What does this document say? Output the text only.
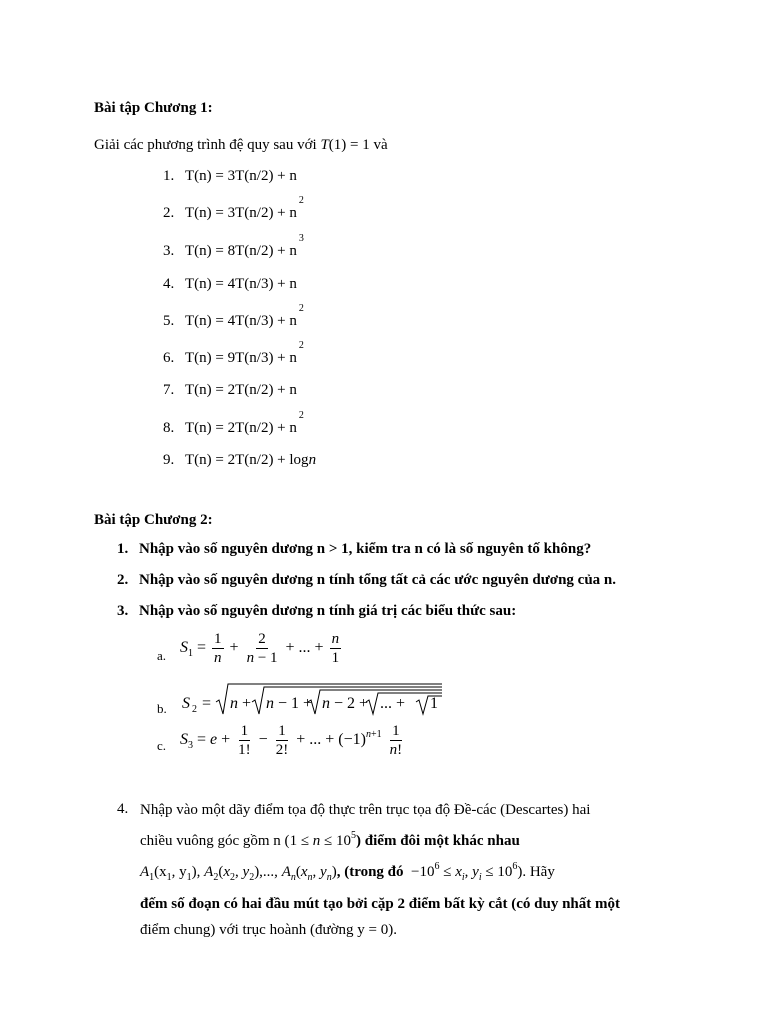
Bài tập Chương 1:
Giải các phương trình đệ quy sau với T(1) = 1 và
1. T(n) = 3T(n/2) + n
2. $T(n) = 3T(n/2) + n^2$
3. $T(n) = 8T(n/2) + n^3$
4. T(n) = 4T(n/3) + n
5. $T(n) = 4T(n/3) + n^2$
6. $T(n) = 9T(n/3) + n^2$
7. T(n) = 2T(n/2) + n
8. $T(n) = 2T(n/2) + n^2$
9. T(n) = 2T(n/2) + logn
Bài tập Chương 2:
1. Nhập vào số nguyên dương n > 1, kiểm tra n có là số nguyên tố không?
2. Nhập vào số nguyên dương n tính tổng tất cả các ước nguyên dương của n.
3. Nhập vào số nguyên dương n tính giá trị các biểu thức sau:
a. $S_1 = \frac{1}{n} + \frac{2}{n - 1}$ + ... + $\frac{n}{1}$
b. S 2 = n + n − 1 + n − 2 + ... + 1
c. $S_3 = e + \frac{1}{1!} - \frac{1}{2!}$ + ... + $(-1)^{n+1} \frac{1}{n!}$
4. Nhập vào một dãy điểm tọa độ thực trên trục tọa độ Đề-các (Descartes) hai
chiều vuông góc gồm n $(1 \le n \le 10^5)$ điểm đôi một khác nhau
$A_1(x_1$, $y_1$), $A_2(x_2$, $y_2$),..., $A_n(x_n$, $y_n$), (trong đó  $-10^6 \le x_i$, $y_i \le 10^6$). Hãy
đếm số đoạn có hai đầu mút tạo bởi cặp 2 điểm bất kỳ cắt (có duy nhất một
điểm chung) với trục hoành (đường y = 0).
